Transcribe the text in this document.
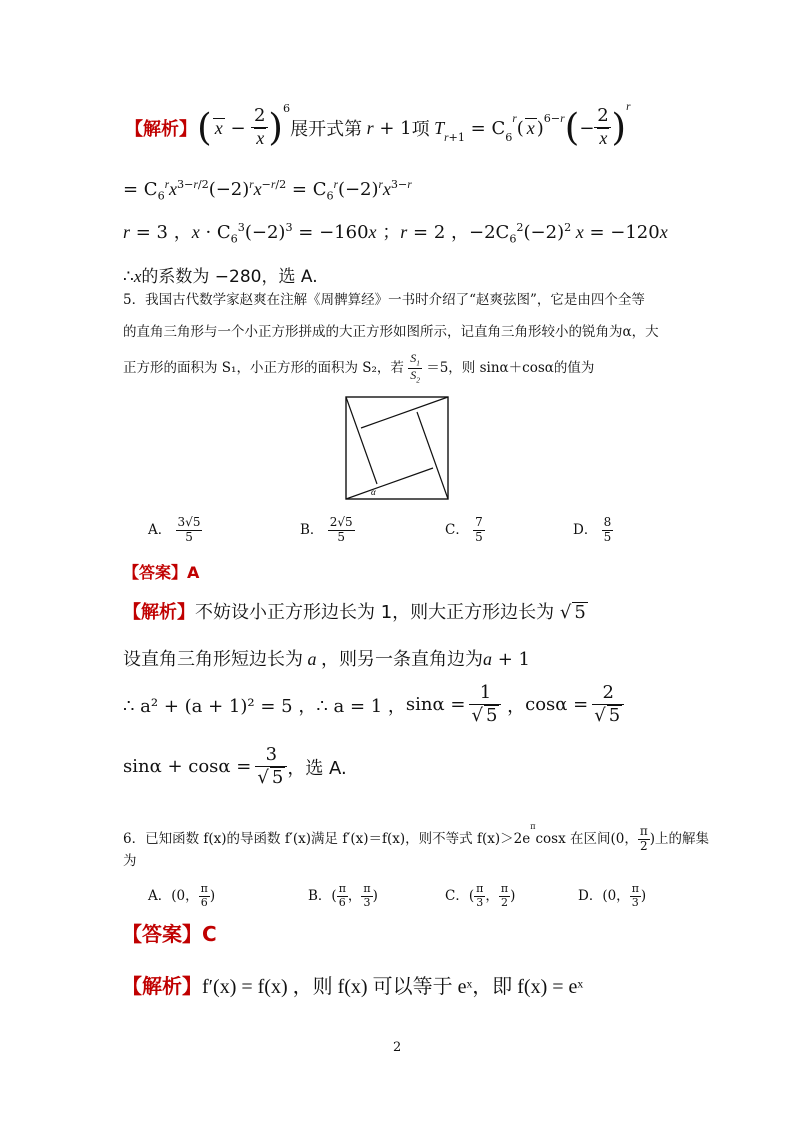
【解析】 ( $x - \frac{2}{x} )^6$
展开式第 r + 1 项 T
$_{r+1} = C_6$
r ( x )$^{6-r}$ ( − $\frac{2}{x}$ ) $^r$
= $C_6^rx^{3-r/2}(-2)^rx^{-r/2} = C_6^r(-2)^rx^{3-r}$
r = 3 ，$x \cdot C_6^3(-2)^3 = -160x$ ；r = 2 ，$-2C_6^2(-2)^2$ x = −120x
∴x的系数为 −280，选 A.
5．我国古代数学家赵爽在注解《周髀算经》一书时介绍了“赵爽弦图”，它是由四个全等
的直角三角形与一个小正方形拼成的大正方形如图所示，记直角三角形较小的锐角为α，大
正方形的面积为 S₁，小正方形的面积为 S₂，若 $\frac{S_1}{S_2} =5$，则 sinα＋cosα的值为
α
A． $\frac{3√5}{5}$	B． $\frac{2√5}{5}$	C． $\frac{7}{5}$	D． $\frac{8}{5}$
【答案】A
【解析】不妨设小正方形边长为 1，则大正方形边长为 √ 5
设直角三角形短边长为 a ，则另一条直角边为a + 1
∴ a² + (a + 1)² = 5 ，∴ a = 1 ， $\sin\alpha = \frac{1}{√ 5}$ ， $\cos\alpha = \frac{2}{√ 5}$
$\sin\alpha + \cos\alpha = \frac{3}{√ 5}$ ，选 A.
6．已知函数 f(x)的导函数 f′(x)满足 f′(x)＝f(x)，则不等式 $f(x)>2e^\pi\cos x$ 在区间(0， $\frac{\pi}{2}$ )上的解集
为
A．(0， $\frac{\pi}{6}$ )	B．( $\frac{\pi}{6}$ ， $\frac{\pi}{3}$ )	C．( $\frac{\pi}{3}$ ， $\frac{\pi}{2}$ )	D．(0， $\frac{\pi}{3}$ )
【答案】C
【解析】f′(x) = f(x) ，则 f(x) 可以等于 eˣ，即 f(x) = eˣ
2
